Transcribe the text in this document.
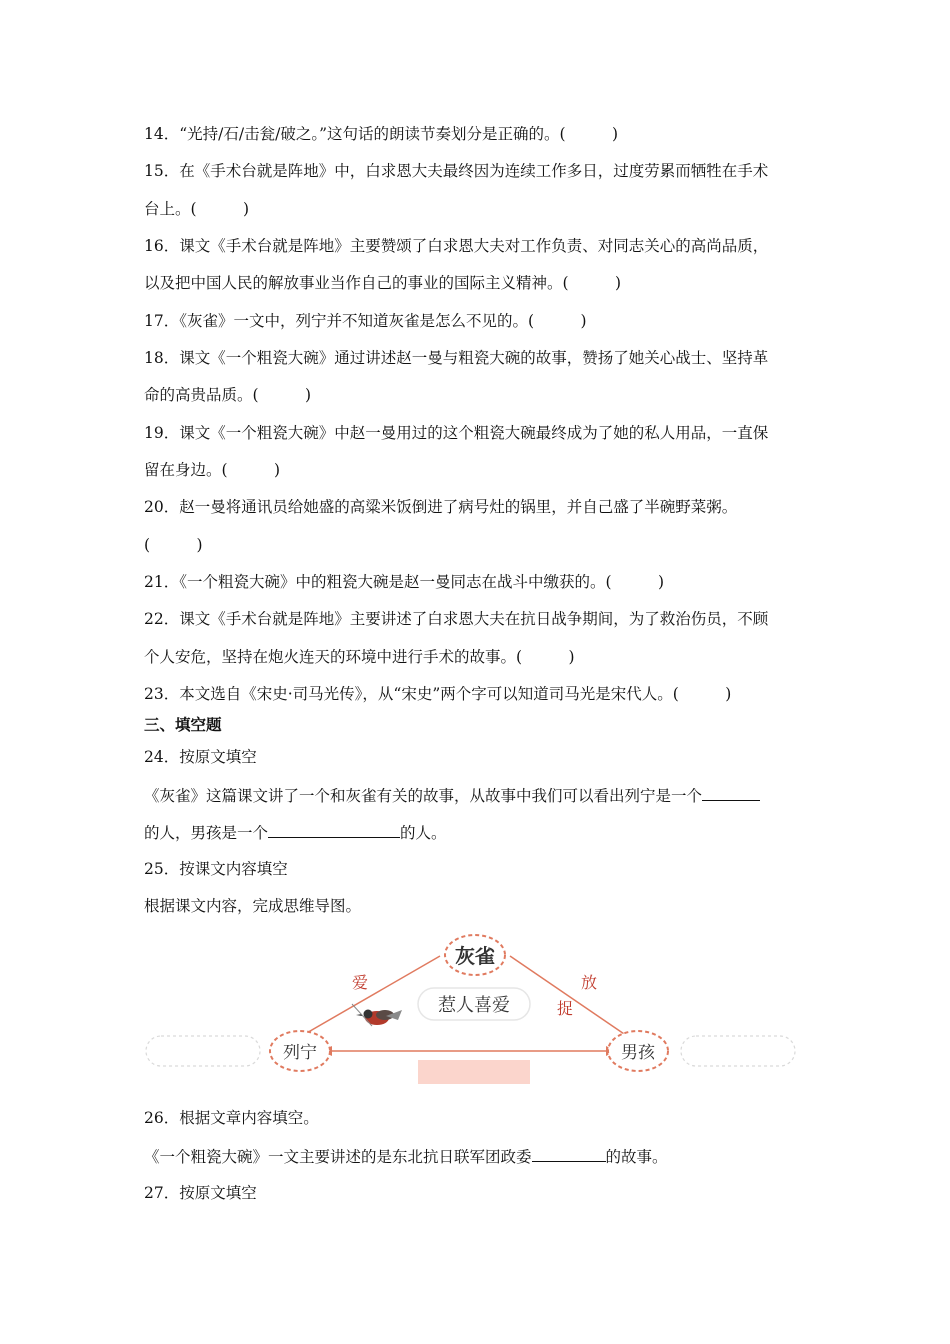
14．“光持/石/击瓮/破之。”这句话的朗读节奏划分是正确的。(　　　)
15．在《手术台就是阵地》中，白求恩大夫最终因为连续工作多日，过度劳累而牺牲在手术
台上。(　　　)
16．课文《手术台就是阵地》主要赞颂了白求恩大夫对工作负责、对同志关心的高尚品质，
以及把中国人民的解放事业当作自己的事业的国际主义精神。(　　　)
17．《灰雀》一文中，列宁并不知道灰雀是怎么不见的。(　　　)
18．课文《一个粗瓷大碗》通过讲述赵一曼与粗瓷大碗的故事，赞扬了她关心战士、坚持革
命的高贵品质。(　　　)
19．课文《一个粗瓷大碗》中赵一曼用过的这个粗瓷大碗最终成为了她的私人用品，一直保
留在身边。(　　　)
20．赵一曼将通讯员给她盛的高粱米饭倒进了病号灶的锅里，并自己盛了半碗野菜粥。
(　　　)
21．《一个粗瓷大碗》中的粗瓷大碗是赵一曼同志在战斗中缴获的。(　　　)
22．课文《手术台就是阵地》主要讲述了白求恩大夫在抗日战争期间，为了救治伤员，不顾
个人安危，坚持在炮火连天的环境中进行手术的故事。(　　　)
23．本文选自《宋史·司马光传》，从“宋史”两个字可以知道司马光是宋代人。(　　　)
三、填空题
24．按原文填空
《灰雀》这篇课文讲了一个和灰雀有关的故事，从故事中我们可以看出列宁是一个
的人，男孩是一个	的人。
25．按课文内容填空
根据课文内容，完成思维导图。
灰雀
列宁	男孩
惹人喜爱
爱	放
捉
26．根据文章内容填空。
《一个粗瓷大碗》一文主要讲述的是东北抗日联军团政委	的故事。
27．按原文填空
